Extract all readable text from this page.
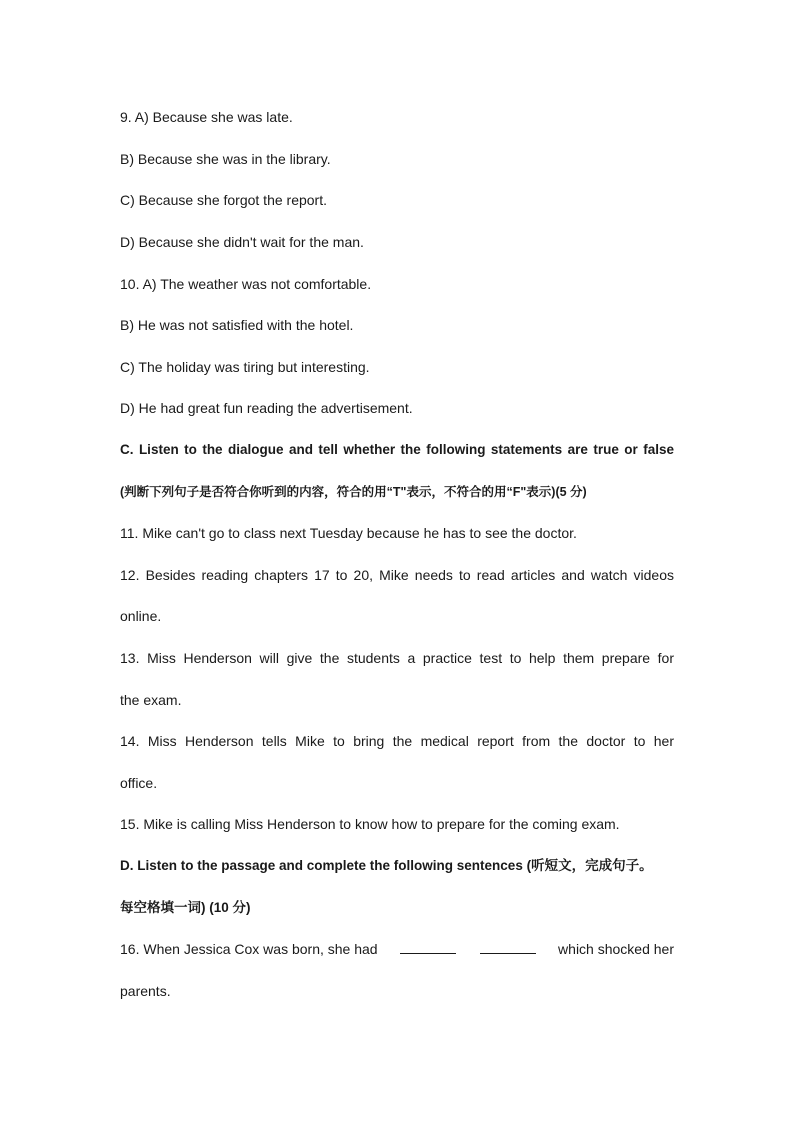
9. A) Because she was late.
B) Because she was in the library.
C) Because she forgot the report.
D) Because she didn't wait for the man.
10. A) The weather was not comfortable.
B) He was not satisfied with the hotel.
C) The holiday was tiring but interesting.
D) He had great fun reading the advertisement.
C. Listen to the dialogue and tell whether the following statements are true or false
(判断下列句子是否符合你听到的内容，符合的用“T"表示，不符合的用“F"表示)(5 分)
11. Mike can't go to class next Tuesday because he has to see the doctor.
12. Besides reading chapters 17 to 20, Mike needs to read articles and watch videos
online.
13. Miss Henderson will give the students a practice test to help them prepare for
the exam.
14. Miss Henderson tells Mike to bring the medical report from the doctor to her
office.
15. Mike is calling Miss Henderson to know how to prepare for the coming exam.
D. Listen to the passage and complete the following sentences (听短文，完成句子。
每空格填一词) (10 分)
16. When Jessica Cox was born, she had	which shocked her
parents.
